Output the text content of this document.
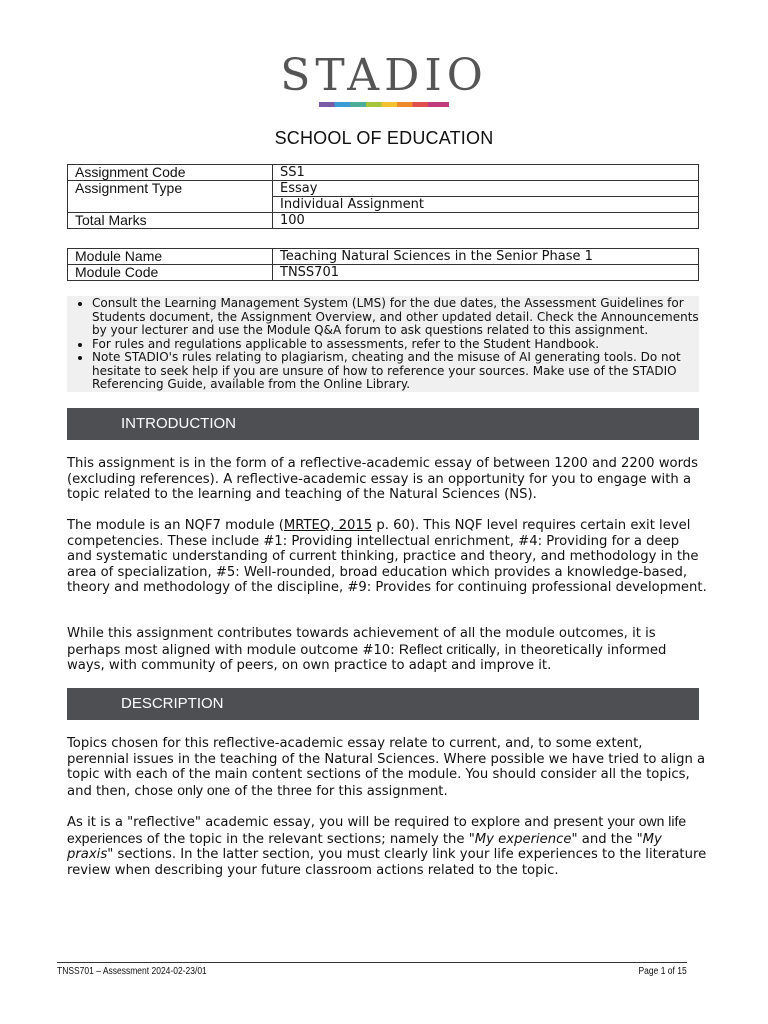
STADIO
SCHOOL OF EDUCATION
Assignment Code	SS1
Assignment Type	Essay
	Individual Assignment
Total Marks	100
Module Name	Teaching Natural Sciences in the Senior Phase 1
Module Code	TNSS701
• Consult the Learning Management System (LMS) for the due dates, the Assessment Guidelines for Students document, the Assignment Overview, and other updated detail. Check the Announcements by your lecturer and use the Module Q&A forum to ask questions related to this assignment.
• For rules and regulations applicable to assessments, refer to the Student Handbook.
• Note STADIO's rules relating to plagiarism, cheating and the misuse of AI generating tools. Do not hesitate to seek help if you are unsure of how to reference your sources. Make use of the STADIO Referencing Guide, available from the Online Library.
INTRODUCTION

This assignment is in the form of a reflective-academic essay of between 1200 and 2200 words (excluding references). A reflective-academic essay is an opportunity for you to engage with a topic related to the learning and teaching of the Natural Sciences (NS).

The module is an NQF7 module (MRTEQ, 2015 p. 60). This NQF level requires certain exit level competencies. These include #1: Providing intellectual enrichment, #4: Providing for a deep and systematic understanding of current thinking, practice and theory, and methodology in the area of specialization, #5: Well-rounded, broad education which provides a knowledge-based, theory and methodology of the discipline, #9: Provides for continuing professional development.

While this assignment contributes towards achievement of all the module outcomes, it is perhaps most aligned with module outcome #10: Reflect critically, in theoretically informed ways, with community of peers, on own practice to adapt and improve it.

DESCRIPTION

Topics chosen for this reflective-academic essay relate to current, and, to some extent, perennial issues in the teaching of the Natural Sciences. Where possible we have tried to align a topic with each of the main content sections of the module. You should consider all the topics, and then, chose only one of the three for this assignment.

As it is a "reflective" academic essay, you will be required to explore and present your own life experiences of the topic in the relevant sections; namely the "My experience" and the "My praxis" sections. In the latter section, you must clearly link your life experiences to the literature review when describing your future classroom actions related to the topic.

TNSS701 – Assessment 2024-02-23/01	Page 1 of 15
